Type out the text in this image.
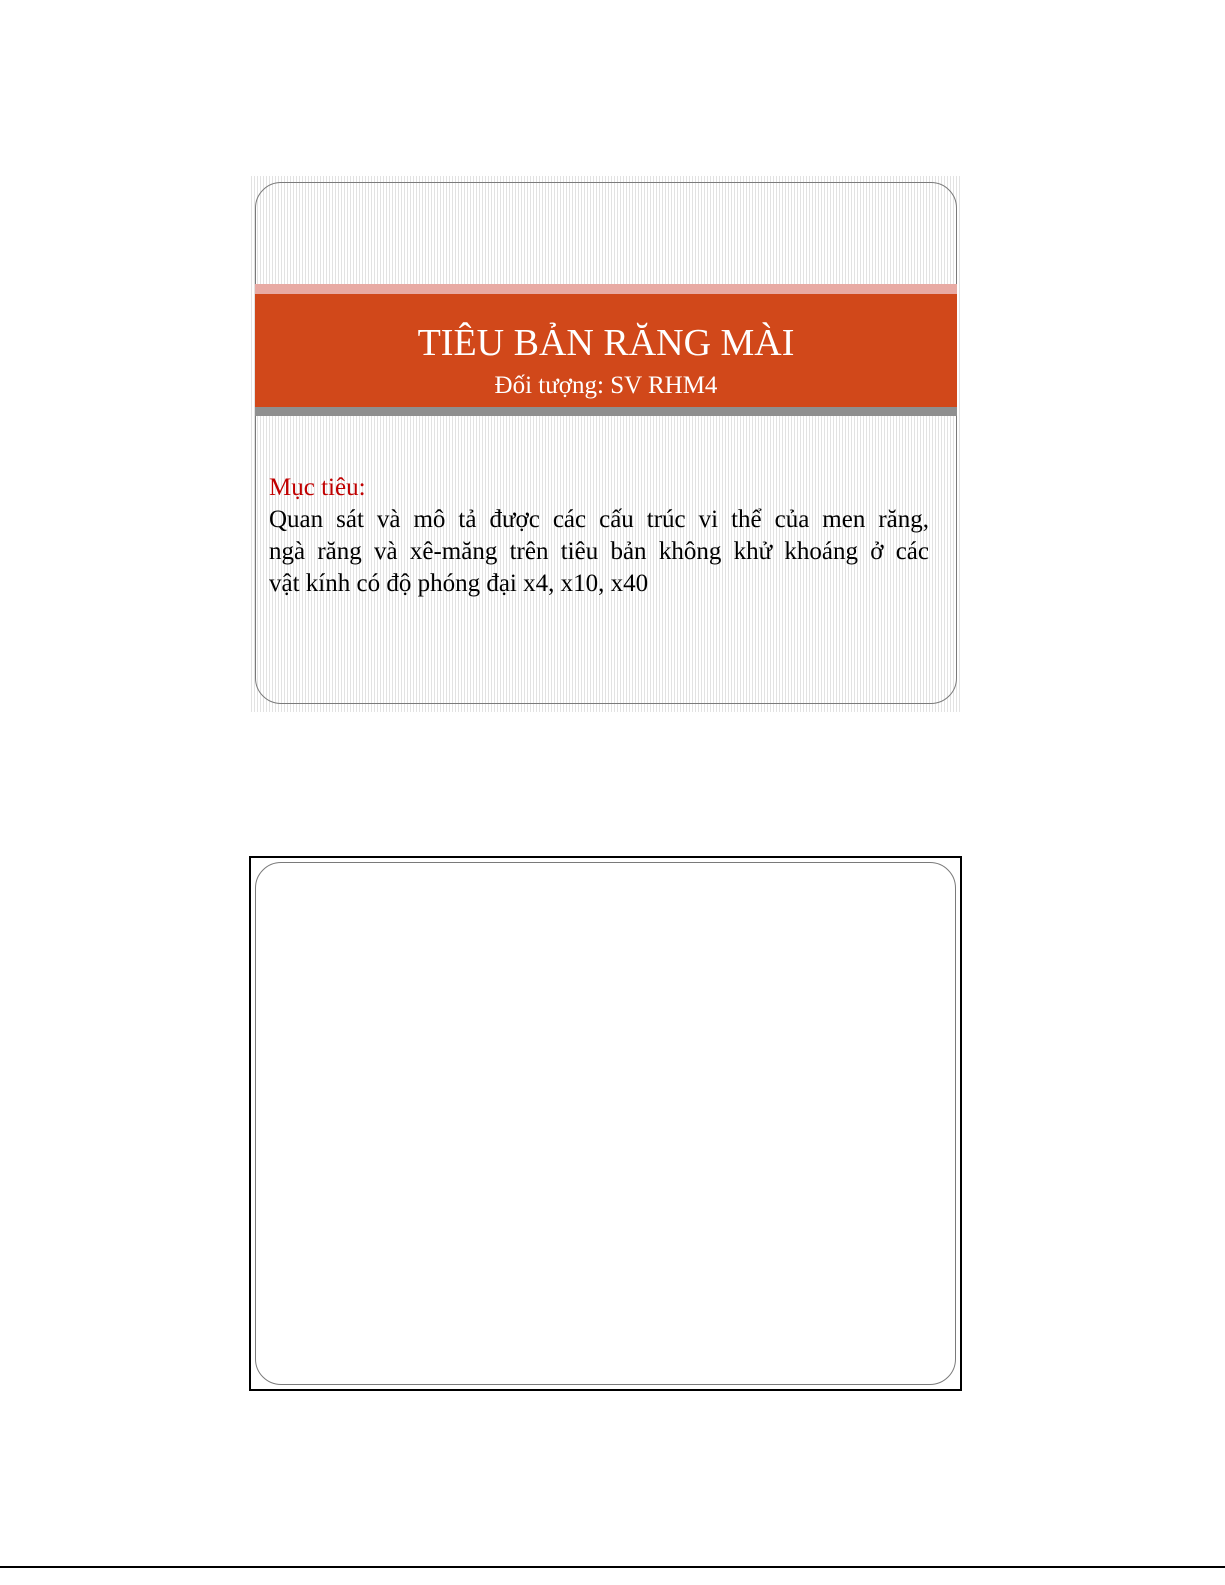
TIÊU BẢN RĂNG MÀI
Đối tượng: SV RHM4
Mục tiêu:
Quan sát và mô tả được các cấu trúc vi thể của men răng,
ngà răng và xê-măng trên tiêu bản không khử khoáng ở các
vật kính có độ phóng đại x4, x10, x40
